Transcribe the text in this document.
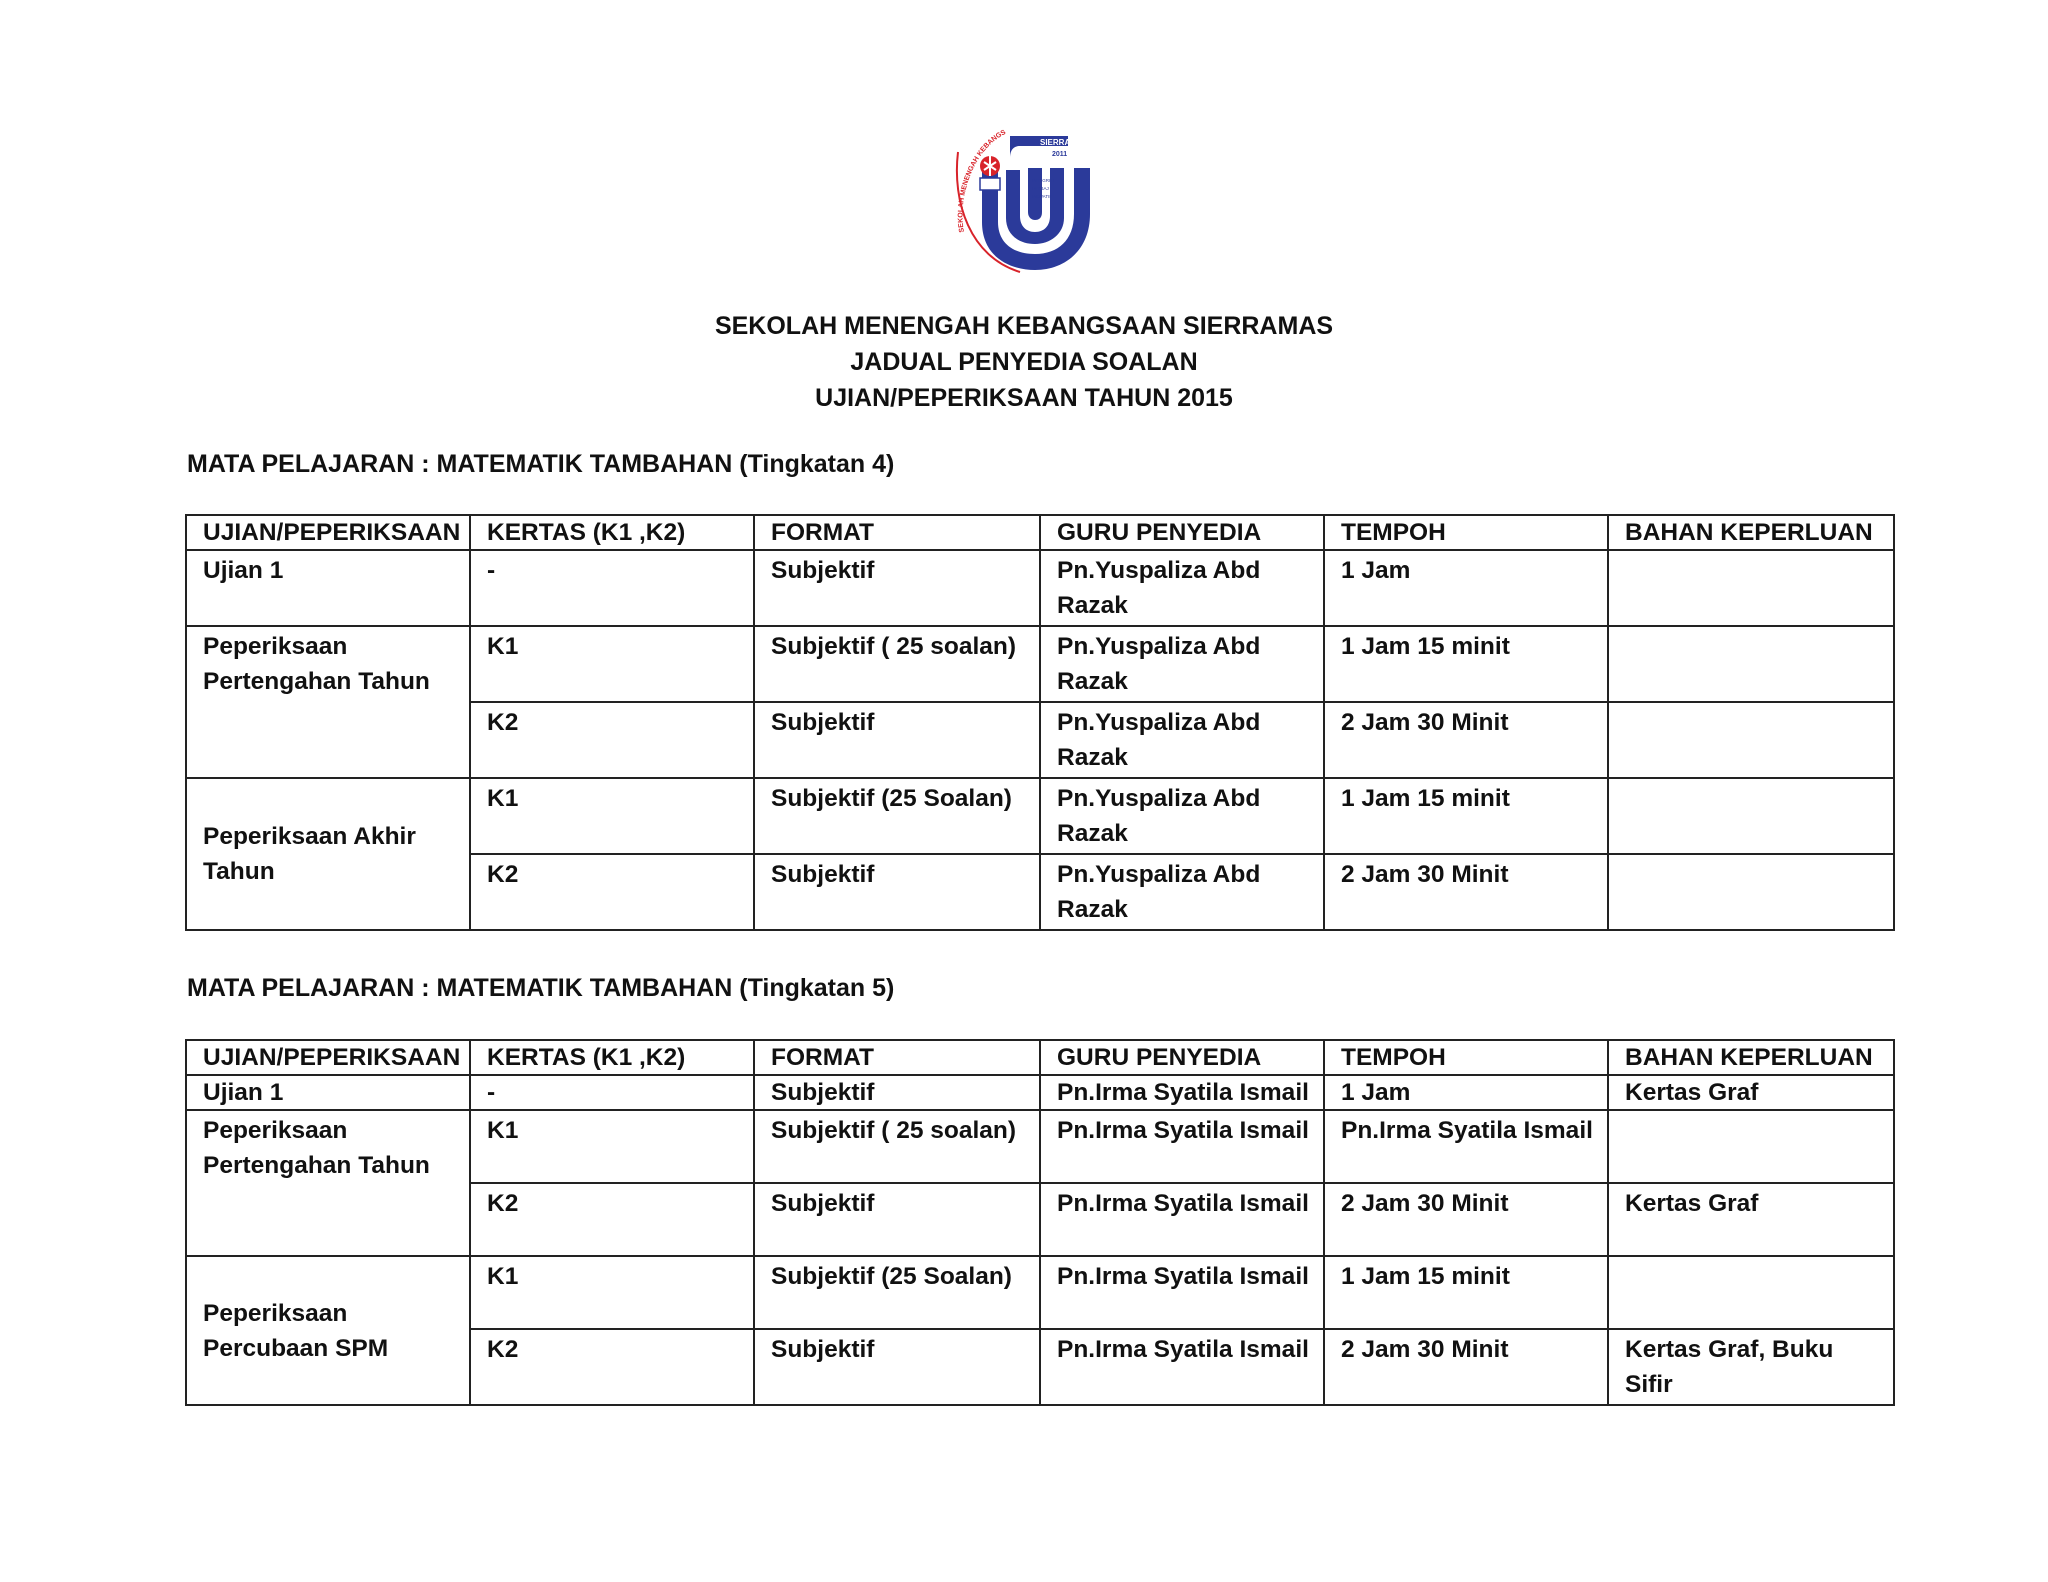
SEKOLAH MENENGAH KEBANGS
SIERRAMAS
2011
INTEGRITI
IHTIBAJ
INOVATIF
SEKOLAH MENENGAH KEBANGSAAN SIERRAMAS
JADUAL PENYEDIA SOALAN
UJIAN/PEPERIKSAAN TAHUN 2015
MATA PELAJARAN : MATEMATIK TAMBAHAN (Tingkatan 4)
UJIAN/PEPERIKSAAN	KERTAS (K1 ,K2)	FORMAT	GURU PENYEDIA	TEMPOH	BAHAN KEPERLUAN
Ujian 1	-	Subjektif	Pn.Yuspaliza Abd Razak	1 Jam	
Peperiksaan Pertengahan Tahun	K1	Subjektif ( 25 soalan)	Pn.Yuspaliza Abd Razak	1 Jam 15 minit	
	K2	Subjektif	Pn.Yuspaliza Abd Razak	2 Jam 30 Minit	
Peperiksaan Akhir Tahun	K1	Subjektif (25 Soalan)	Pn.Yuspaliza Abd Razak	1 Jam 15 minit	
	K2	Subjektif	Pn.Yuspaliza Abd Razak	2 Jam 30 Minit	
MATA PELAJARAN : MATEMATIK TAMBAHAN (Tingkatan 5)
UJIAN/PEPERIKSAAN	KERTAS (K1 ,K2)	FORMAT	GURU PENYEDIA	TEMPOH	BAHAN KEPERLUAN
Ujian 1	-	Subjektif	Pn.Irma Syatila Ismail	1 Jam	Kertas Graf
Peperiksaan Pertengahan Tahun	K1	Subjektif ( 25 soalan)	Pn.Irma Syatila Ismail	Pn.Irma Syatila Ismail	
	K2	Subjektif	Pn.Irma Syatila Ismail	2 Jam 30 Minit	Kertas Graf
Peperiksaan Percubaan SPM	K1	Subjektif (25 Soalan)	Pn.Irma Syatila Ismail	1 Jam 15 minit	
	K2	Subjektif	Pn.Irma Syatila Ismail	2 Jam 30 Minit	Kertas Graf, Buku Sifir
